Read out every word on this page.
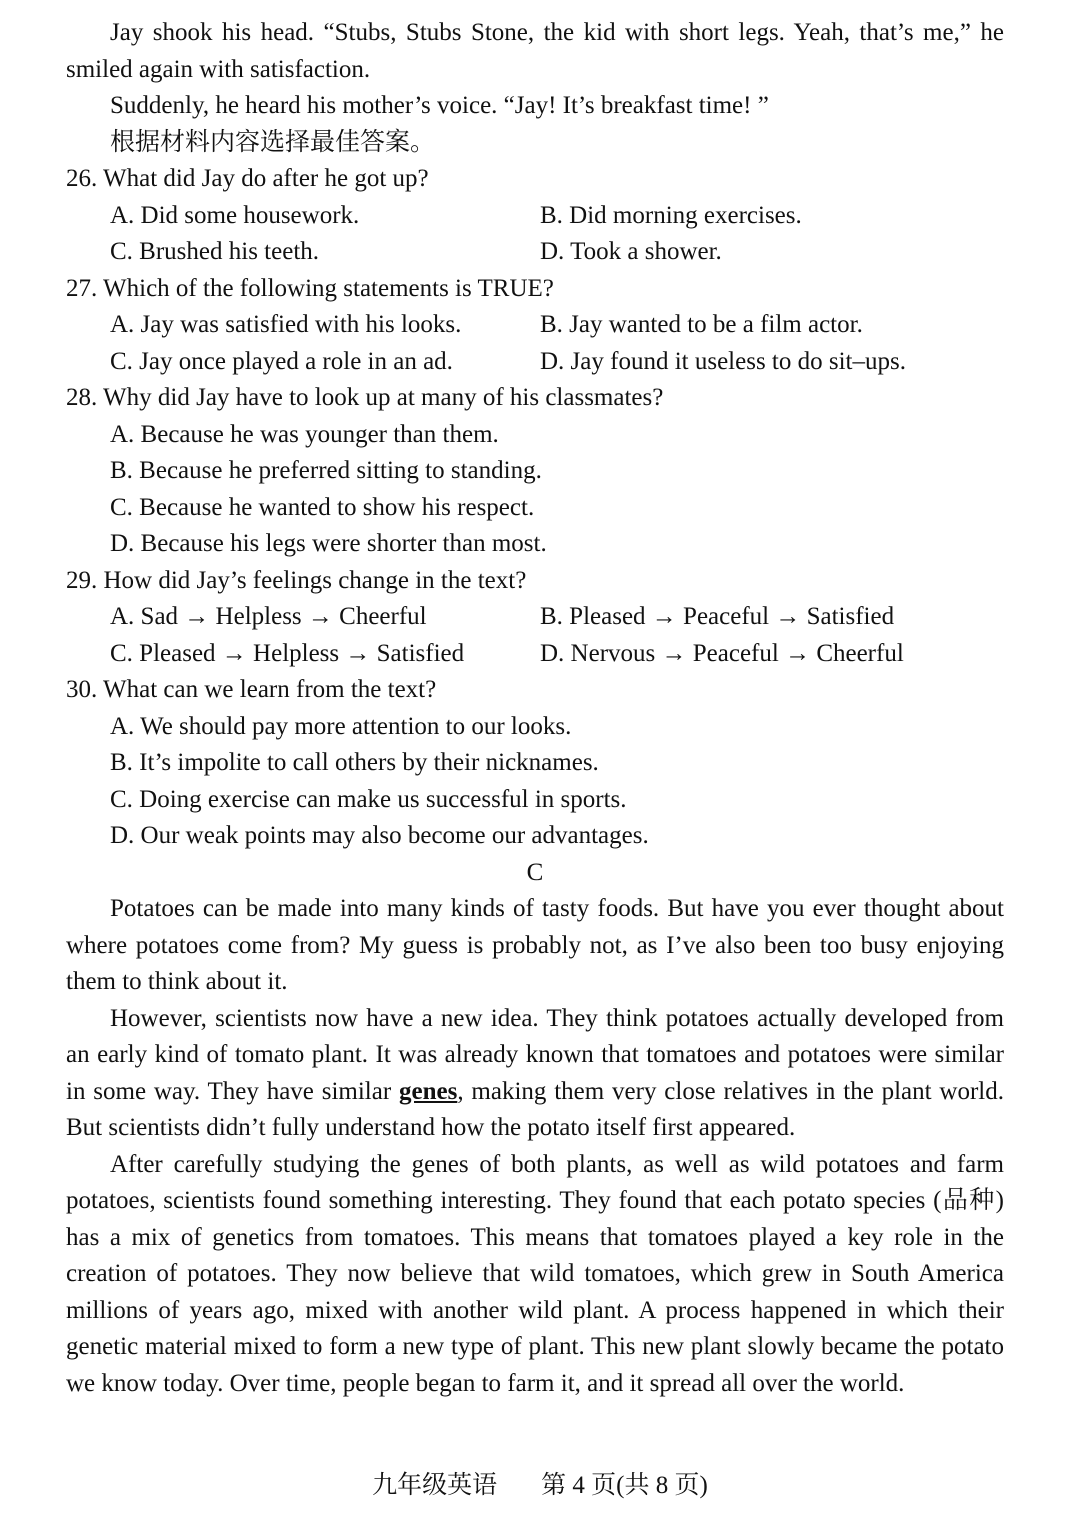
Jay shook his head. “Stubs, Stubs Stone, the kid with short legs. Yeah, that’s me,” he smiled again with satisfaction.

Suddenly, he heard his mother’s voice. “Jay! It’s breakfast time! ”

根据材料内容选择最佳答案。

26. What did Jay do after he got up?

A. Did some housework.	B. Did morning exercises.

C. Brushed his teeth.	D. Took a shower.

27. Which of the following statements is TRUE?

A. Jay was satisfied with his looks.	B. Jay wanted to be a film actor.

C. Jay once played a role in an ad.	D. Jay found it useless to do sit–ups.

28. Why did Jay have to look up at many of his classmates?

A. Because he was younger than them.

B. Because he preferred sitting to standing.

C. Because he wanted to show his respect.

D. Because his legs were shorter than most.

29. How did Jay’s feelings change in the text?

A. Sad → Helpless → Cheerful	B. Pleased → Peaceful → Satisfied

C. Pleased → Helpless → Satisfied	D. Nervous → Peaceful → Cheerful

30. What can we learn from the text?

A. We should pay more attention to our looks.

B. It’s impolite to call others by their nicknames.

C. Doing exercise can make us successful in sports.

D. Our weak points may also become our advantages.

C

Potatoes can be made into many kinds of tasty foods. But have you ever thought about where potatoes come from? My guess is probably not, as I’ve also been too busy enjoying them to think about it.

However, scientists now have a new idea. They think potatoes actually developed from an early kind of tomato plant. It was already known that tomatoes and potatoes were similar in some way. They have similar genes, making them very close relatives in the plant world. But scientists didn’t fully understand how the potato itself first appeared.

After carefully studying the genes of both plants, as well as wild potatoes and farm potatoes, scientists found something interesting. They found that each potato species (品种) has a mix of genetics from tomatoes. This means that tomatoes played a key role in the creation of potatoes. They now believe that wild tomatoes, which grew in South America millions of years ago, mixed with another wild plant. A process happened in which their genetic material mixed to form a new type of plant. This new plant slowly became the potato we know today. Over time, people began to farm it, and it spread all over the world.

九年级英语 第 4 页(共 8 页)
